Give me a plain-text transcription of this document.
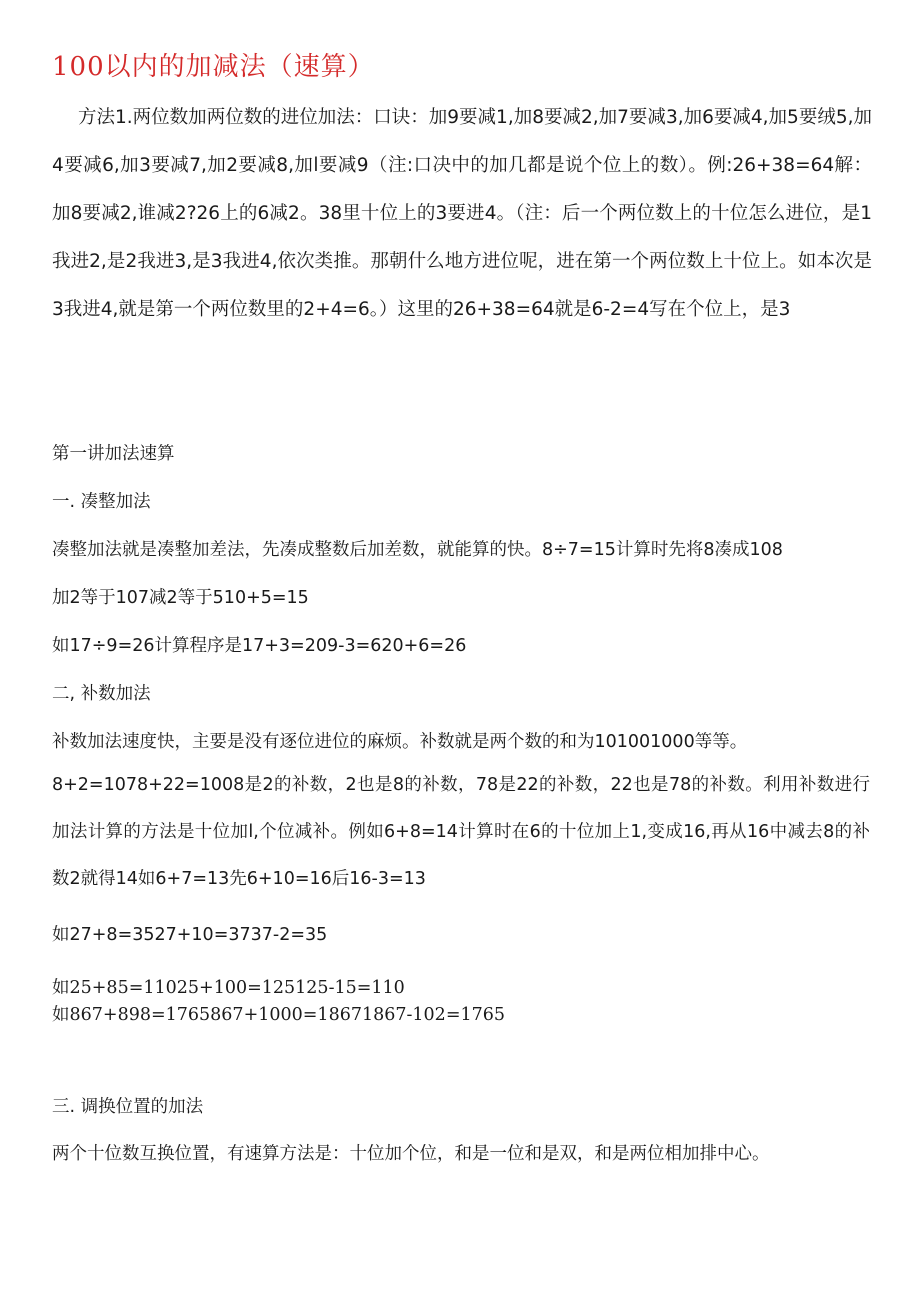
100以内的加减法（速算）

方法1.两位数加两位数的进位加法：口诀：加9要减1,加8要减2,加7要减3,加6要减4,加5要绒5,加4要减6,加3要减7,加2要减8,加l要减9（注:口决中的加几都是说个位上的数）。例:26+38=64解：加8要减2,谁减2?26上的6减2。38里十位上的3要进4。（注：后一个两位数上的十位怎么进位，是1我进2,是2我进3,是3我进4,依次类推。那朝什么地方进位呢，进在第一个两位数上十位上。如本次是3我进4,就是第一个两位数里的2+4=6。）这里的26+38=64就是6-2=4写在个位上，是3

第一讲加法速算

一. 凑整加法

凑整加法就是凑整加差法，先凑成整数后加差数，就能算的快。8÷7=15计算时先将8凑成108

加2等于107减2等于510+5=15

如17÷9=26计算程序是17+3=209-3=620+6=26

二, 补数加法

补数加法速度快，主要是没有逐位进位的麻烦。补数就是两个数的和为101001000等等。

8+2=1078+22=1008是2的补数，2也是8的补数，78是22的补数，22也是78的补数。利用补数进行加法计算的方法是十位加l,个位减补。例如6+8=14计算时在6的十位加上1,变成16,再从16中减去8的补数2就得14如6+7=13先6+10=16后16-3=13

如27+8=3527+10=3737-2=35

如25+85=11025+100=125125-15=110

如867+898=1765867+1000=18671867-102=1765

三. 调换位置的加法

两个十位数互换位置，有速算方法是：十位加个位，和是一位和是双，和是两位相加排中心。
